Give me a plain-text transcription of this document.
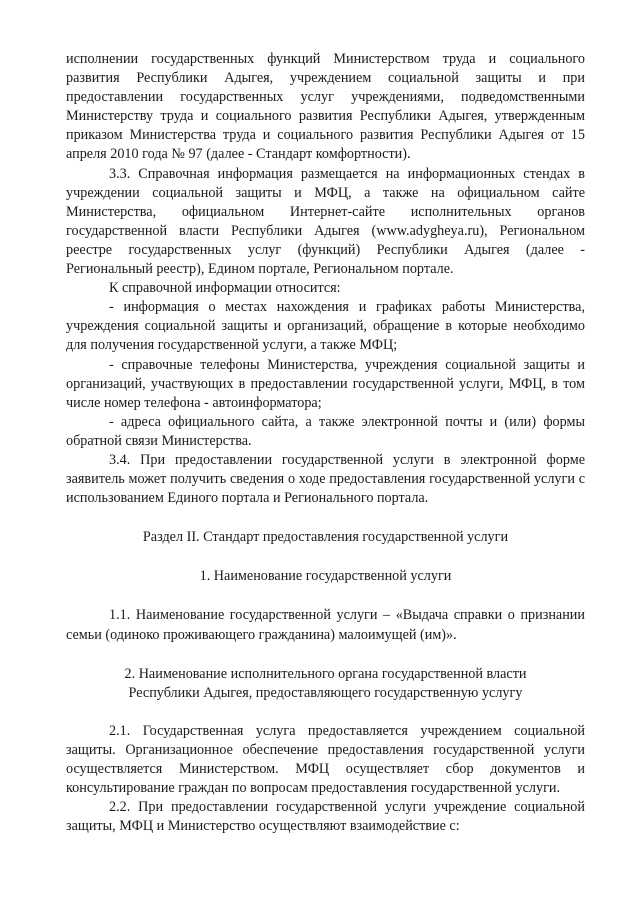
исполнении государственных функций Министерством труда и социального развития Республики Адыгея, учреждением социальной защиты и при предоставлении государственных услуг учреждениями, подведомственными Министерству труда и социального развития Республики Адыгея, утвержденным приказом Министерства труда и социального развития Республики Адыгея от 15 апреля 2010 года № 97 (далее - Стандарт комфортности).

3.3. Справочная информация размещается на информационных стендах в учреждении социальной защиты и МФЦ, а также на официальном сайте Министерства, официальном Интернет-сайте исполнительных органов государственной власти Республики Адыгея (www.adygheya.ru), Региональном реестре государственных услуг (функций) Республики Адыгея (далее - Региональный реестр), Едином портале, Региональном портале.

К справочной информации относится:

- информация о местах нахождения и графиках работы Министерства, учреждения социальной защиты и организаций, обращение в которые необходимо для получения государственной услуги, а также МФЦ;

- справочные телефоны Министерства, учреждения социальной защиты и организаций, участвующих в предоставлении государственной услуги, МФЦ, в том числе номер телефона - автоинформатора;

- адреса официального сайта, а также электронной почты и (или) формы обратной связи Министерства.

3.4. При предоставлении государственной услуги в электронной форме заявитель может получить сведения о ходе предоставления государственной услуги с использованием Единого портала и Регионального портала.

Раздел II. Стандарт предоставления государственной услуги

1. Наименование государственной услуги

1.1. Наименование государственной услуги – «Выдача справки о признании семьи (одиноко проживающего гражданина) малоимущей (им)».

2. Наименование исполнительного органа государственной власти

Республики Адыгея, предоставляющего государственную услугу

2.1. Государственная услуга предоставляется учреждением социальной защиты. Организационное обеспечение предоставления государственной услуги осуществляется Министерством. МФЦ осуществляет сбор документов и консультирование граждан по вопросам предоставления государственной услуги.

2.2. При предоставлении государственной услуги учреждение социальной защиты, МФЦ и Министерство осуществляют взаимодействие с:
